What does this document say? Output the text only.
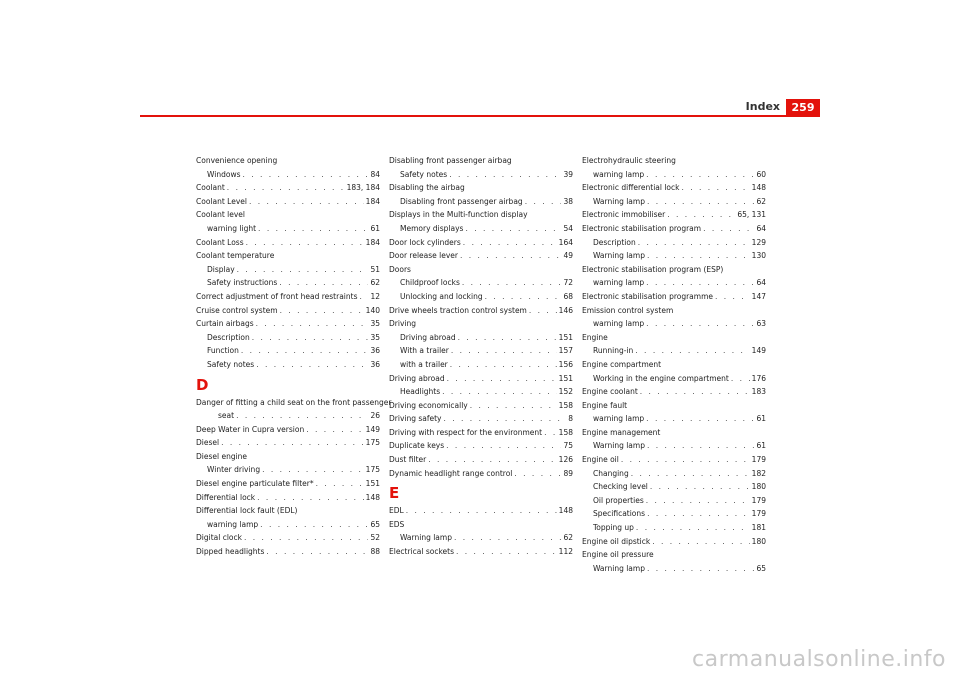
Index	259
Convenience opening
Windows . . .	84
Coolant . . .	183, 184
Coolant Level . . .	184
Coolant level
warning light . . .	61
Coolant Loss . . .	184
Coolant temperature
Display . . .	51
Safety instructions . . .	62
Correct adjustment of front head restraints . . . 12
Cruise control system . . .	140
Curtain airbags . . .	35
Description . . .	35
Function . . .	36
Safety notes . . .	36
D
Danger of fitting a child seat on the front passenger
seat . . .	26
Deep Water in Cupra version . . .	149
Diesel . . .	175
Diesel engine
Winter driving . . .	175
Diesel engine particulate filter* . . .	151
Differential lock . . .	148
Differential lock fault (EDL)
warning lamp . . .	65
Digital clock . . .	52
Dipped headlights . . .	88
Disabling front passenger airbag
Safety notes . . .	39
Disabling the airbag
Disabling front passenger airbag . . .	38
Displays in the Multi-function display
Memory displays . . .	54
Door lock cylinders . . .	164
Door release lever . . .	49
Doors
Childproof locks . . .	72
Unlocking and locking . . .	68
Drive wheels traction control system . . .	146
Driving
Driving abroad . . .	151
With a trailer . . .	157
with a trailer . . .	156
Driving abroad . . .	151
Headlights . . .	152
Driving economically . . .	158
Driving safety . . .	8
Driving with respect for the environment . . . 158
Duplicate keys . . .	75
Dust filter . . .	126
Dynamic headlight range control . . .	89
E
EDL . . .	148
EDS
Warning lamp . . .	62
Electrical sockets . . .	112
Electrohydraulic steering
warning lamp . . .	60
Electronic differential lock . . .	148
Warning lamp . . .	62
Electronic immobiliser . . .	65, 131
Electronic stabilisation program . . .	64
Description . . .	129
Warning lamp . . .	130
Electronic stabilisation program (ESP)
warning lamp . . .	64
Electronic stabilisation programme . . .	147
Emission control system
warning lamp . . .	63
Engine
Running-in . . .	149
Engine compartment
Working in the engine compartment . . .	176
Engine coolant . . .	183
Engine fault
warning lamp . . .	61
Engine management
Warning lamp . . .	61
Engine oil . . .	179
Changing . . .	182
Checking level . . .	180
Oil properties . . .	179
Specifications . . .	179
Topping up . . .	181
Engine oil dipstick . . .	180
Engine oil pressure
Warning lamp . . .	65
carmanualsonline.info
